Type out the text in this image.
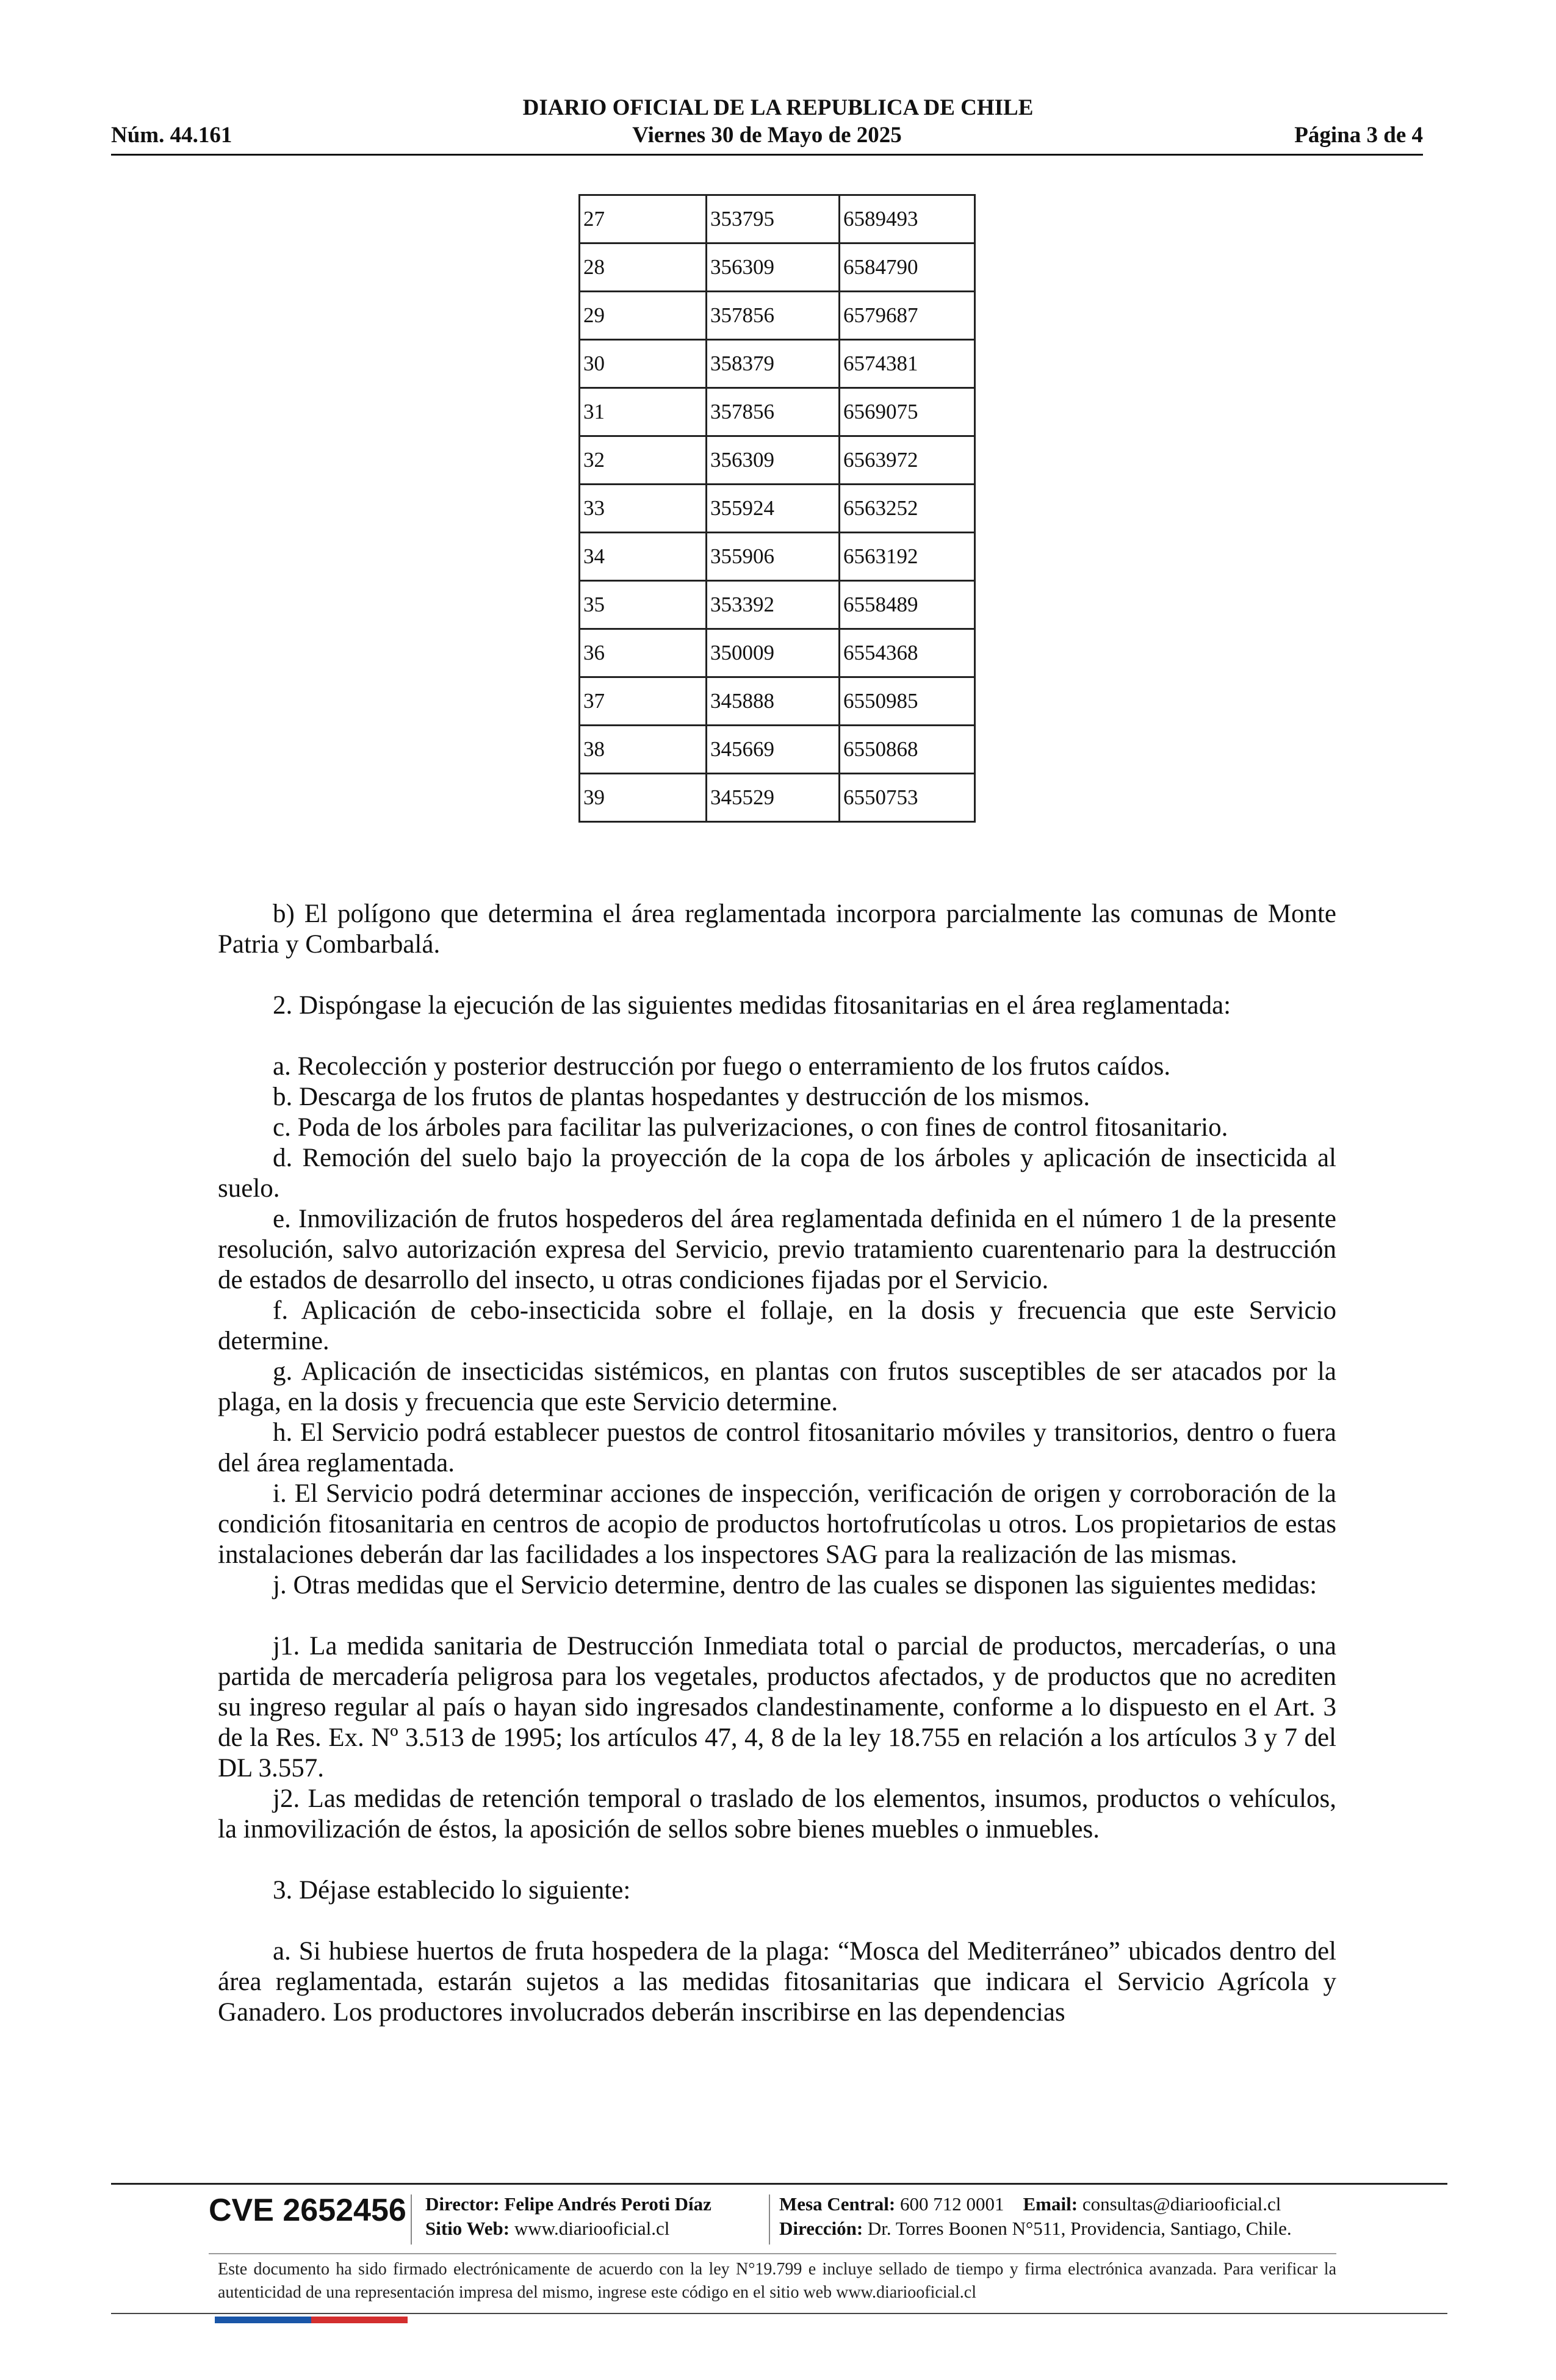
DIARIO OFICIAL DE LA REPUBLICA DE CHILE
Núm. 44.161	Viernes 30 de Mayo de 2025	Página 3 de 4
27	353795	6589493
28	356309	6584790
29	357856	6579687
30	358379	6574381
31	357856	6569075
32	356309	6563972
33	355924	6563252
34	355906	6563192
35	353392	6558489
36	350009	6554368
37	345888	6550985
38	345669	6550868
39	345529	6550753

b) El polígono que determina el área reglamentada incorpora parcialmente las comunas de Monte Patria y Combarbalá.

2. Dispóngase la ejecución de las siguientes medidas fitosanitarias en el área reglamentada:

a. Recolección y posterior destrucción por fuego o enterramiento de los frutos caídos.

b. Descarga de los frutos de plantas hospedantes y destrucción de los mismos.

c. Poda de los árboles para facilitar las pulverizaciones, o con fines de control fitosanitario.

d. Remoción del suelo bajo la proyección de la copa de los árboles y aplicación de insecticida al suelo.

e. Inmovilización de frutos hospederos del área reglamentada definida en el número 1 de la presente resolución, salvo autorización expresa del Servicio, previo tratamiento cuarentenario para la destrucción de estados de desarrollo del insecto, u otras condiciones fijadas por el Servicio.

f. Aplicación de cebo-insecticida sobre el follaje, en la dosis y frecuencia que este Servicio determine.

g. Aplicación de insecticidas sistémicos, en plantas con frutos susceptibles de ser atacados por la plaga, en la dosis y frecuencia que este Servicio determine.

h. El Servicio podrá establecer puestos de control fitosanitario móviles y transitorios, dentro o fuera del área reglamentada.

i. El Servicio podrá determinar acciones de inspección, verificación de origen y corroboración de la condición fitosanitaria en centros de acopio de productos hortofrutícolas u otros. Los propietarios de estas instalaciones deberán dar las facilidades a los inspectores SAG para la realización de las mismas.

j. Otras medidas que el Servicio determine, dentro de las cuales se disponen las siguientes medidas:

j1. La medida sanitaria de Destrucción Inmediata total o parcial de productos, mercaderías, o una partida de mercadería peligrosa para los vegetales, productos afectados, y de productos que no acrediten su ingreso regular al país o hayan sido ingresados clandestinamente, conforme a lo dispuesto en el Art. 3 de la Res. Ex. Nº 3.513 de 1995; los artículos 47, 4, 8 de la ley 18.755 en relación a los artículos 3 y 7 del DL 3.557.

j2. Las medidas de retención temporal o traslado de los elementos, insumos, productos o vehículos, la inmovilización de éstos, la aposición de sellos sobre bienes muebles o inmuebles.

3. Déjase establecido lo siguiente:

a. Si hubiese huertos de fruta hospedera de la plaga: “Mosca del Mediterráneo” ubicados dentro del área reglamentada, estarán sujetos a las medidas fitosanitarias que indicara el Servicio Agrícola y Ganadero. Los productores involucrados deberán inscribirse en las dependencias

CVE 2652456 Director: Felipe Andrés Peroti Díaz
Sitio Web: www.diariooficial.cl
Mesa Central: 600 712 0001 Email: consultas@diariooficial.cl
Dirección: Dr. Torres Boonen N°511, Providencia, Santiago, Chile.
Este documento ha sido firmado electrónicamente de acuerdo con la ley N°19.799 e incluye sellado de tiempo y firma electrónica avanzada. Para verificar la autenticidad de una representación impresa del mismo, ingrese este código en el sitio web www.diariooficial.cl
